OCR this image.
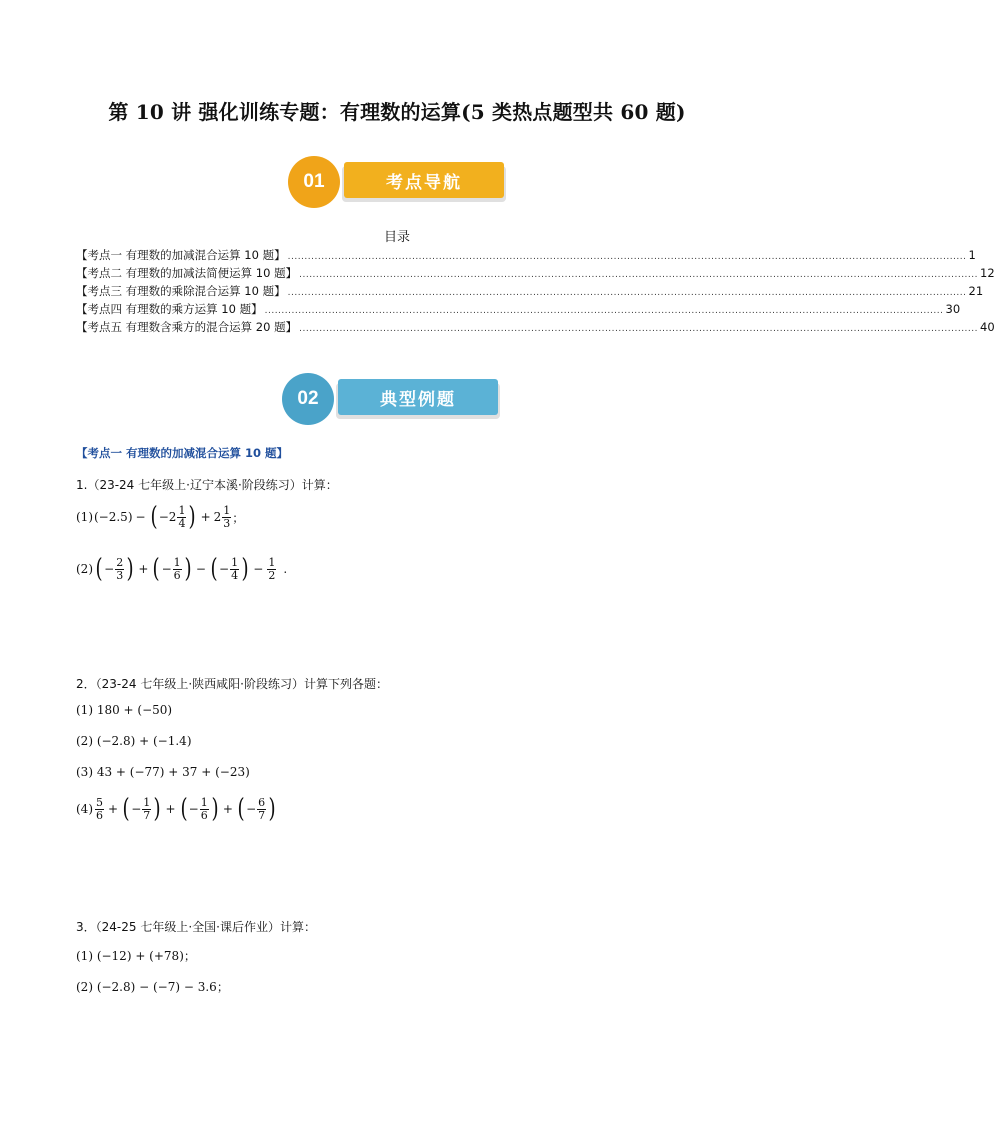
第 10 讲 强化训练专题：有理数的运算(5 类热点题型共 60 题)
01	考点导航
目录
【考点一 有理数的加减混合运算 10 题】 .......................................................................................................................................................................................................... 1
【考点二 有理数的加减法简便运算 10 题】 .......................................................................................................................................................................................................... 12
【考点三 有理数的乘除混合运算 10 题】 .......................................................................................................................................................................................................... 21
【考点四 有理数的乘方运算 10 题】 .......................................................................................................................................................................................................... 30
【考点五 有理数含乘方的混合运算 20 题】 .......................................................................................................................................................................................................... 40
02	典型例题
【考点一 有理数的加减混合运算 10 题】
1.（23-24 七年级上·辽宁本溪·阶段练习）计算：
(1) (−2.5) − ( $-2 \frac{1}{4}$ ) + $2 \frac{1}{3}$ ；
(2) ( − $\frac{2}{3}$ ) + ( − $\frac{1}{6}$ ) − ( − $\frac{1}{4}$ ) − $\frac{1}{2}$ .
2．（23-24 七年级上·陕西咸阳·阶段练习）计算下列各题：
(1) 180 + (−50)
(2) (−2.8) + (−1.4)
(3) 43 + (−77) + 37 + (−23)
$(4) \frac{5}{6}$ + ( − $\frac{1}{7}$ ) + ( − $\frac{1}{6}$ ) + ( − $\frac{6}{7}$ )
3．（24-25 七年级上·全国·课后作业）计算：
(1) (−12) + (+78)；
(2) (−2.8) − (−7) − 3.6；
